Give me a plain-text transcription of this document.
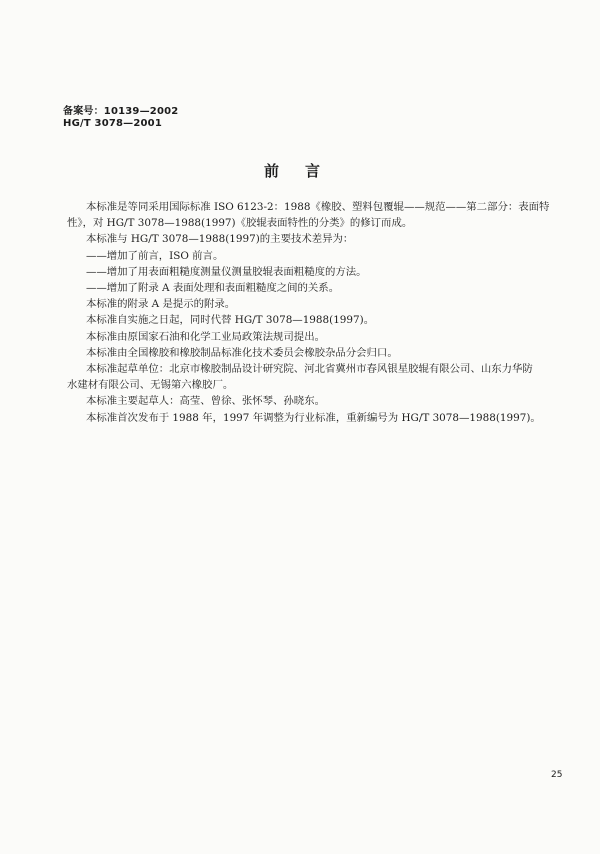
备案号：10139—2002
HG/T 3078—2001
前言
本标准是等同采用国际标准 ISO 6123-2：1988《橡胶、塑料包覆辊——规范——第二部分：表面特
性》，对 HG/T 3078—1988(1997)《胶辊表面特性的分类》的修订而成。
本标准与 HG/T 3078—1988(1997)的主要技术差异为：
——增加了前言，ISO 前言。
——增加了用表面粗糙度测量仪测量胶辊表面粗糙度的方法。
——增加了附录 A 表面处理和表面粗糙度之间的关系。
本标准的附录 A 是提示的附录。
本标准自实施之日起，同时代替 HG/T 3078—1988(1997)。
本标准由原国家石油和化学工业局政策法规司提出。
本标准由全国橡胶和橡胶制品标准化技术委员会橡胶杂品分会归口。
本标准起草单位：北京市橡胶制品设计研究院、河北省冀州市春风银星胶辊有限公司、山东力华防
水建材有限公司、无锡第六橡胶厂。
本标准主要起草人：高莹、曾徐、张怀琴、孙晓东。
本标准首次发布于 1988 年，1997 年调整为行业标准，重新编号为 HG/T 3078—1988(1997)。
25
